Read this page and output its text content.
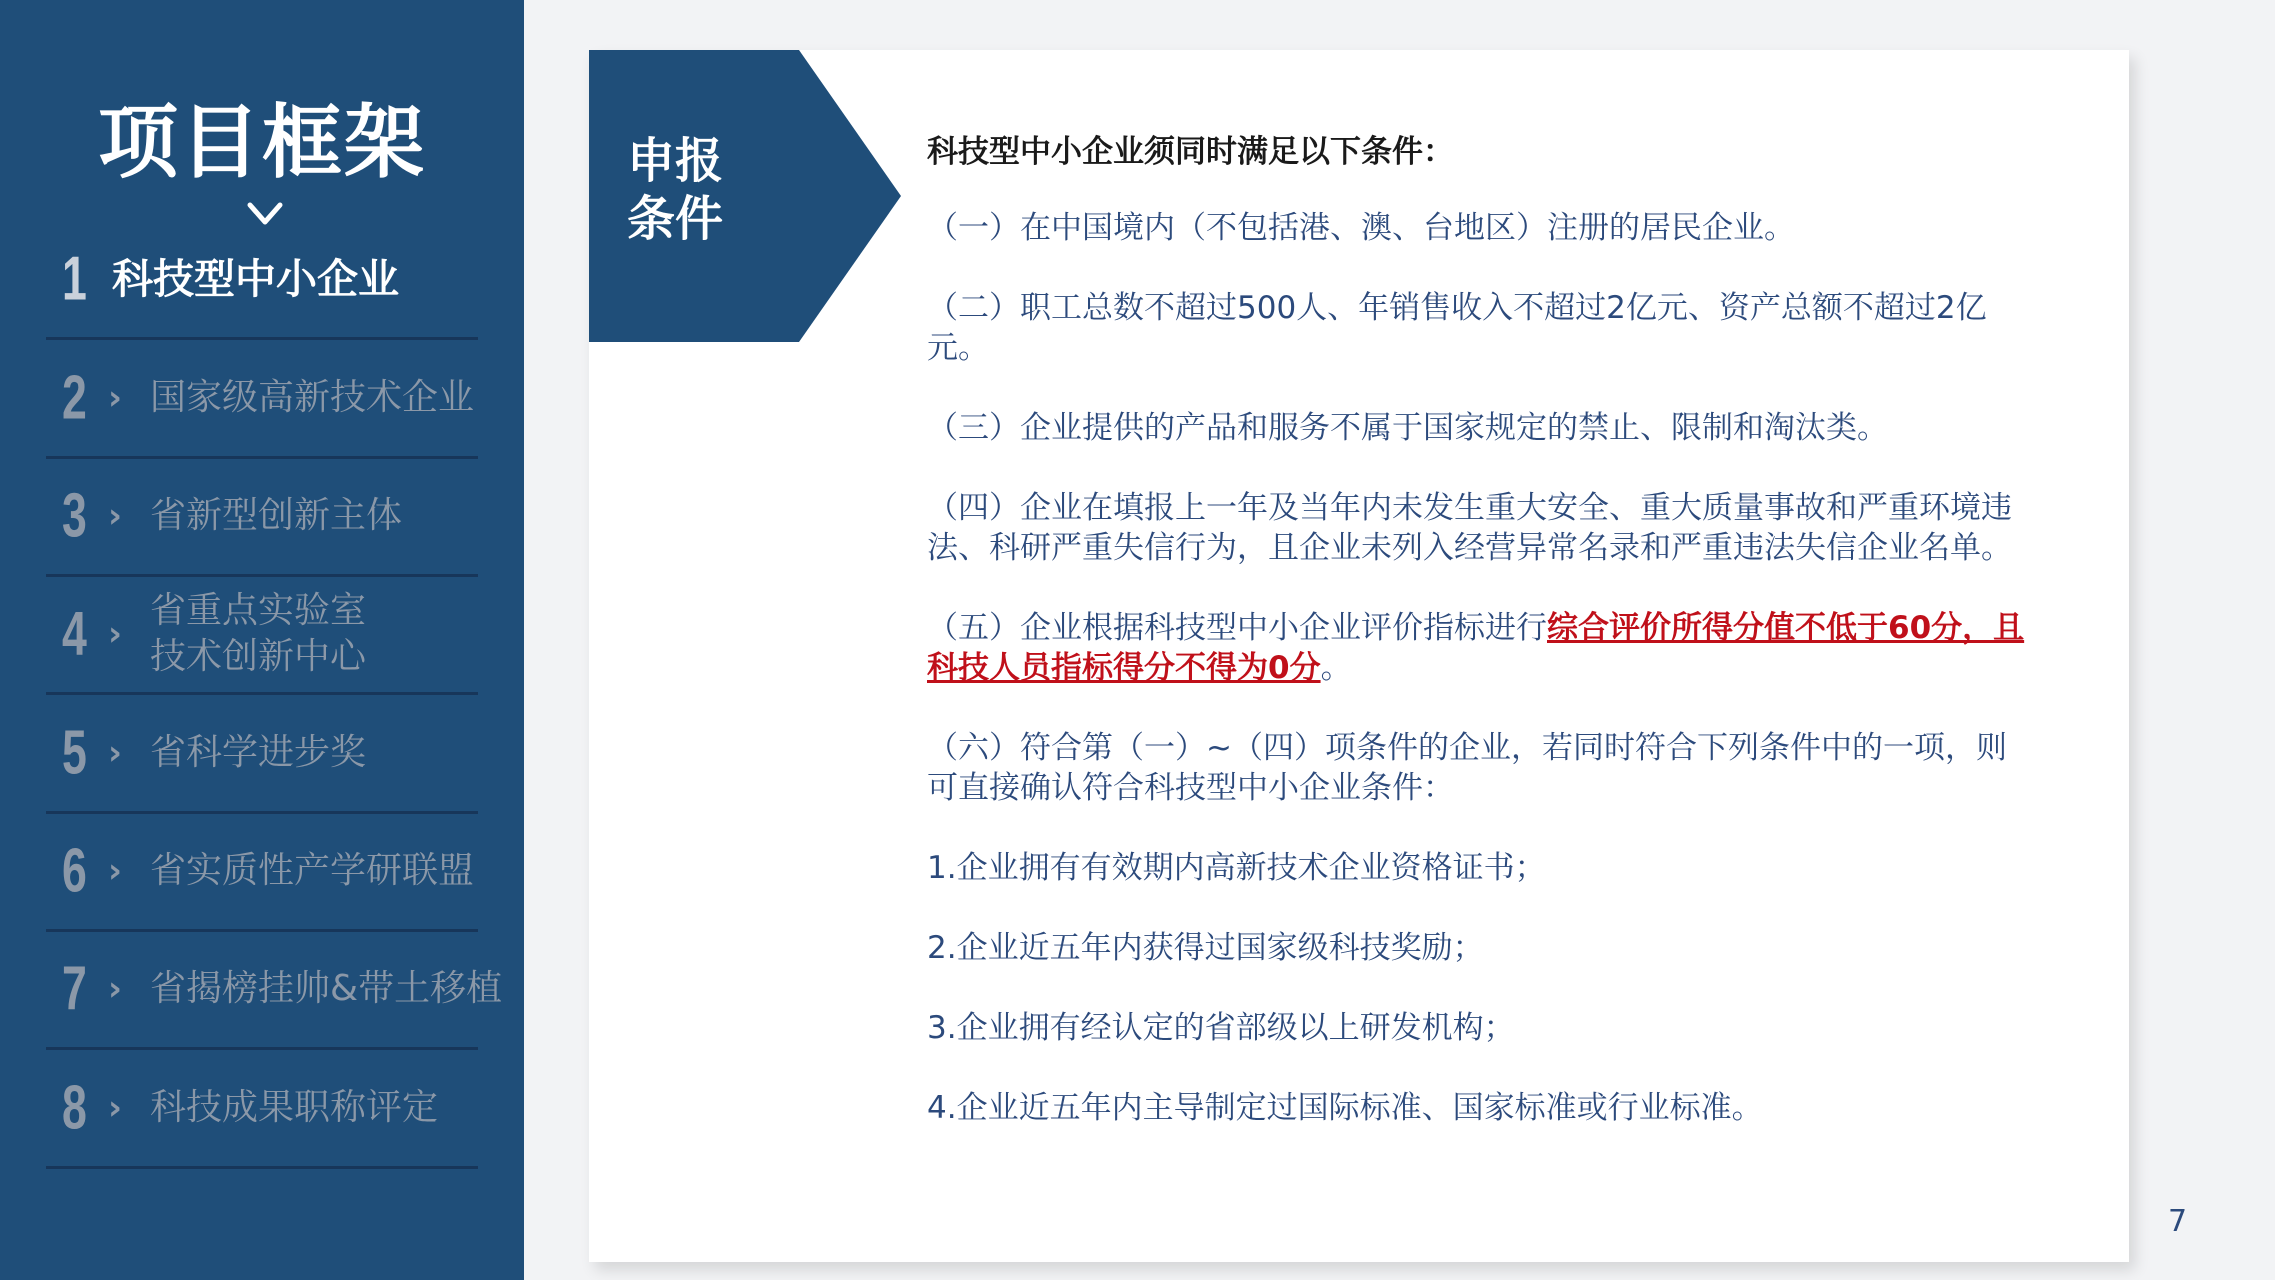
项目框架
1 科技型中小企业
2 › 国家级高新技术企业
3 › 省新型创新主体
4 ›
省重点实验室
技术创新中心
5 › 省科学进步奖
6 › 省实质性产学研联盟
7 › 省揭榜挂帅&带土移植
8 › 科技成果职称评定
申报
条件

科技型中小企业须同时满足以下条件：

（一）在中国境内（不包括港、澳、台地区）注册的居民企业。

（二）职工总数不超过500人、年销售收入不超过2亿元、资产总额不超过2亿元。

（三）企业提供的产品和服务不属于国家规定的禁止、限制和淘汰类。

（四）企业在填报上一年及当年内未发生重大安全、重大质量事故和严重环境违法、科研严重失信行为，且企业未列入经营异常名录和严重违法失信企业名单。

（五）企业根据科技型中小企业评价指标进行综合评价所得分值不低于60分，且科技人员指标得分不得为0分。

（六）符合第（一）~（四）项条件的企业，若同时符合下列条件中的一项，则可直接确认符合科技型中小企业条件：

1.企业拥有有效期内高新技术企业资格证书；

2.企业近五年内获得过国家级科技奖励；

3.企业拥有经认定的省部级以上研发机构；

4.企业近五年内主导制定过国际标准、国家标准或行业标准。

7
